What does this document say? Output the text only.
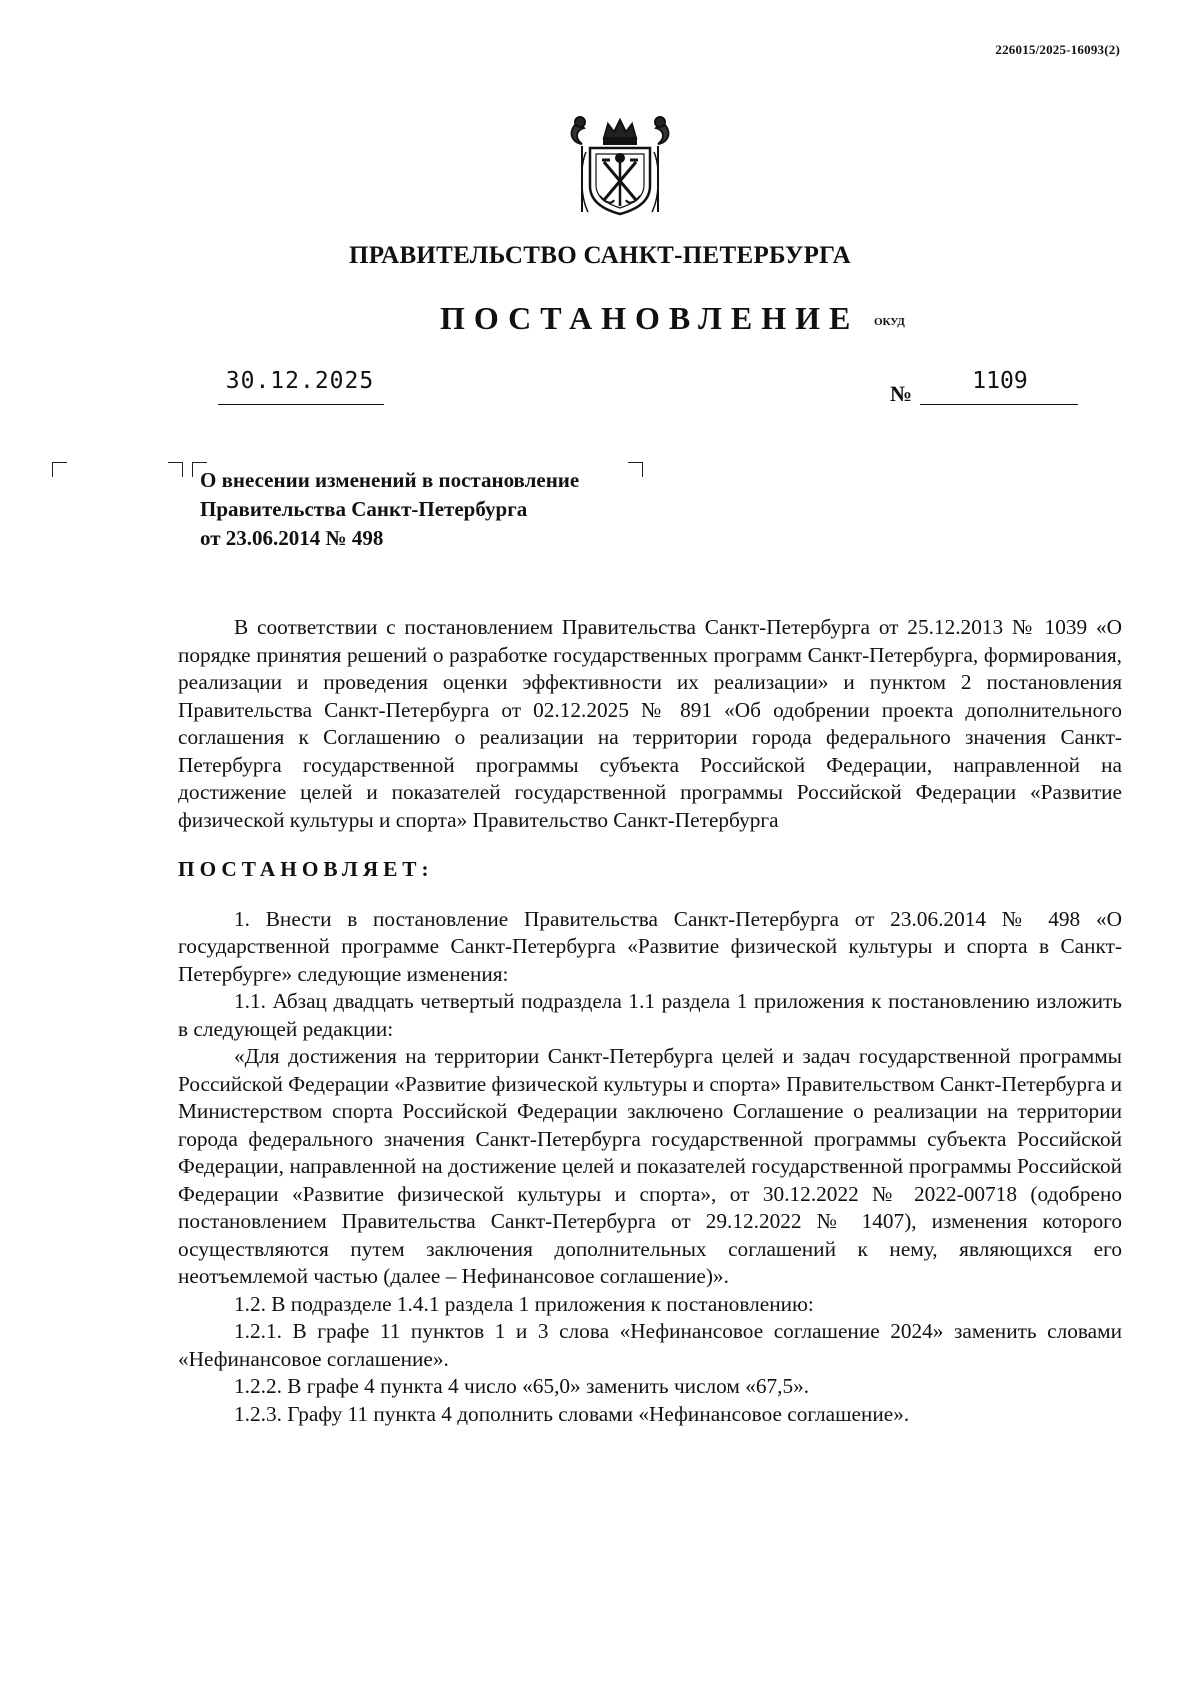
226015/2025-16093(2)
ПРАВИТЕЛЬСТВО САНКТ-ПЕТЕРБУРГА
ПОСТАНОВЛЕНИЕ ОКУД
30.12.2025	№	1109
О внесении изменений в постановление
Правительства Санкт-Петербурга
от 23.06.2014 № 498

В соответствии с постановлением Правительства Санкт-Петербурга от 25.12.2013 № 1039 «О порядке принятия решений о разработке государственных программ Санкт-Петербурга, формирования, реализации и проведения оценки эффективности их реализации» и пунктом 2 постановления Правительства Санкт-Петербурга от 02.12.2025 № 891 «Об одобрении проекта дополнительного соглашения к Соглашению о реализации на территории города федерального значения Санкт-Петербурга государственной программы субъекта Российской Федерации, направленной на достижение целей и показателей государственной программы Российской Федерации «Развитие физической культуры и спорта» Правительство Санкт-Петербурга

ПОСТАНОВЛЯЕТ:

1. Внести в постановление Правительства Санкт-Петербурга от 23.06.2014 № 498 «О государственной программе Санкт-Петербурга «Развитие физической культуры и спорта в Санкт-Петербурге» следующие изменения:

1.1. Абзац двадцать четвертый подраздела 1.1 раздела 1 приложения к постановлению изложить в следующей редакции:

«Для достижения на территории Санкт-Петербурга целей и задач государственной программы Российской Федерации «Развитие физической культуры и спорта» Правительством Санкт-Петербурга и Министерством спорта Российской Федерации заключено Соглашение о реализации на территории города федерального значения Санкт-Петербурга государственной программы субъекта Российской Федерации, направленной на достижение целей и показателей государственной программы Российской Федерации «Развитие физической культуры и спорта», от 30.12.2022 № 2022-00718 (одобрено постановлением Правительства Санкт-Петербурга от 29.12.2022 № 1407), изменения которого осуществляются путем заключения дополнительных соглашений к нему, являющихся его неотъемлемой частью (далее – Нефинансовое соглашение)».

1.2. В подразделе 1.4.1 раздела 1 приложения к постановлению:

1.2.1. В графе 11 пунктов 1 и 3 слова «Нефинансовое соглашение 2024» заменить словами «Нефинансовое соглашение».

1.2.2. В графе 4 пункта 4 число «65,0» заменить числом «67,5».

1.2.3. Графу 11 пункта 4 дополнить словами «Нефинансовое соглашение».
